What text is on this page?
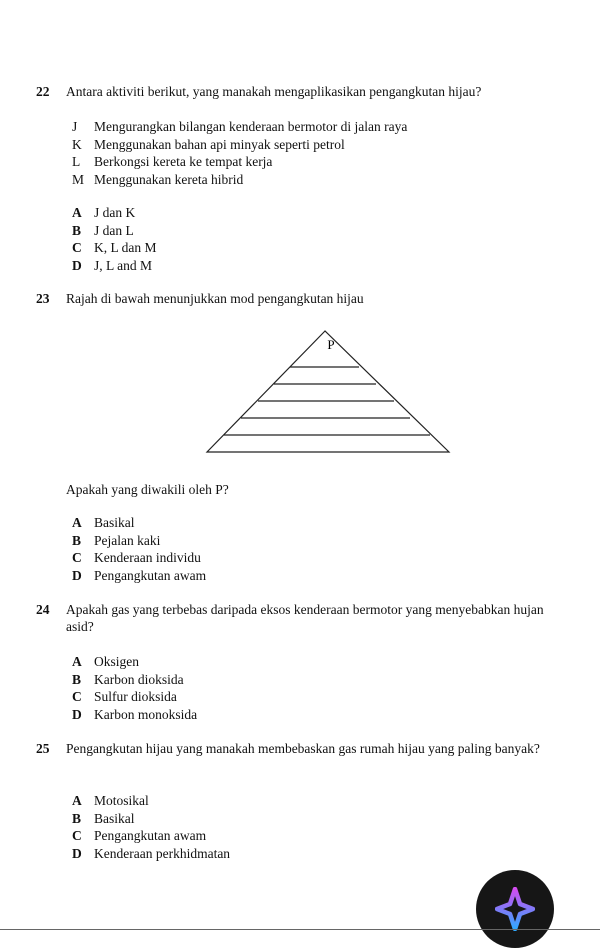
22 Antara aktiviti berikut, yang manakah mengaplikasikan pengangkutan hijau?
J Mengurangkan bilangan kenderaan bermotor di jalan raya
K Menggunakan bahan api minyak seperti petrol
L Berkongsi kereta ke tempat kerja
M Menggunakan kereta hibrid
A J dan K
B J dan L
C K, L dan M
D J, L and M
23 Rajah di bawah menunjukkan mod pengangkutan hijau
P
Apakah yang diwakili oleh P?
A Basikal
B Pejalan kaki
C Kenderaan individu
D Pengangkutan awam
24 Apakah gas yang terbebas daripada eksos kenderaan bermotor yang menyebabkan hujan asid?
A Oksigen
B Karbon dioksida
C Sulfur dioksida
D Karbon monoksida
25 Pengangkutan hijau yang manakah membebaskan gas rumah hijau yang paling banyak?
A Motosikal
B Basikal
C Pengangkutan awam
D Kenderaan perkhidmatan
